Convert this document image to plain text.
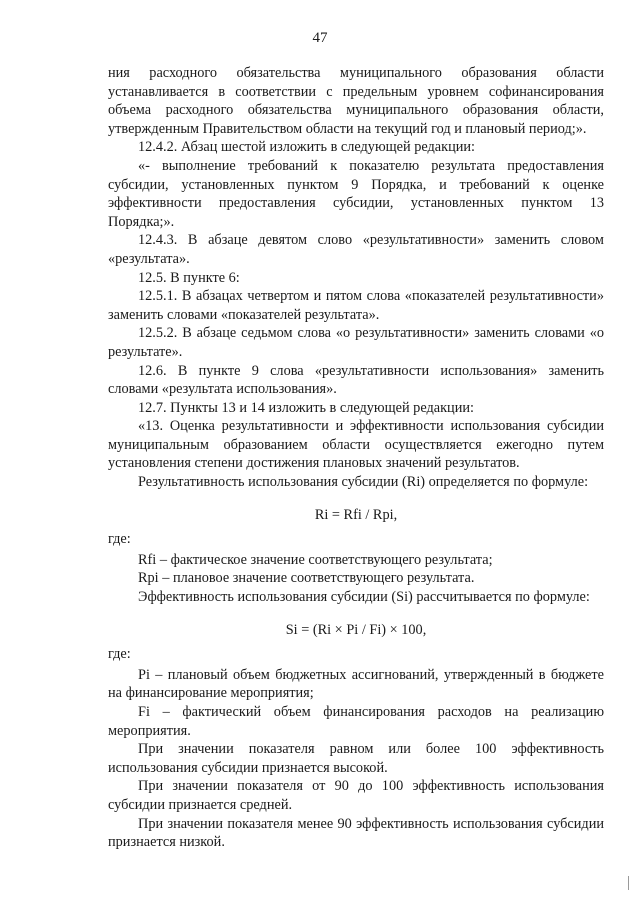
47

ния расходного обязательства муниципального образования области устанавливается в соответствии с предельным уровнем софинансирования объема расходного обязательства муниципального образования области, утвержденным Правительством области на текущий год и плановый период;».

12.4.2. Абзац шестой изложить в следующей редакции:

«- выполнение требований к показателю результата предоставления субсидии, установленных пунктом 9 Порядка, и требований к оценке эффективности предоставления субсидии, установленных пунктом 13 Порядка;».

12.4.3. В абзаце девятом слово «результативности» заменить словом «результата».

12.5. В пункте 6:

12.5.1. В абзацах четвертом и пятом слова «показателей результативности» заменить словами «показателей результата».

12.5.2. В абзаце седьмом слова «о результативности» заменить словами «о результате».

12.6. В пункте 9 слова «результативности использования» заменить словами «результата использования».

12.7. Пункты 13 и 14 изложить в следующей редакции:

«13. Оценка результативности и эффективности использования субсидии муниципальным образованием области осуществляется ежегодно путем установления степени достижения плановых значений результатов.

Результативность использования субсидии (Ri) определяется по формуле:

Ri = Rfi / Rpi,
где:

Rfi – фактическое значение соответствующего результата;

Rpi – плановое значение соответствующего результата.

Эффективность использования субсидии (Si) рассчитывается по формуле:

Si = (Ri × Pi / Fi) × 100,
где:

Pi – плановый объем бюджетных ассигнований, утвержденный в бюджете на финансирование мероприятия;

Fi – фактический объем финансирования расходов на реализацию мероприятия.

При значении показателя равном или более 100 эффективность использования субсидии признается высокой.

При значении показателя от 90 до 100 эффективность использования субсидии признается средней.

При значении показателя менее 90 эффективность использования субсидии признается низкой.
